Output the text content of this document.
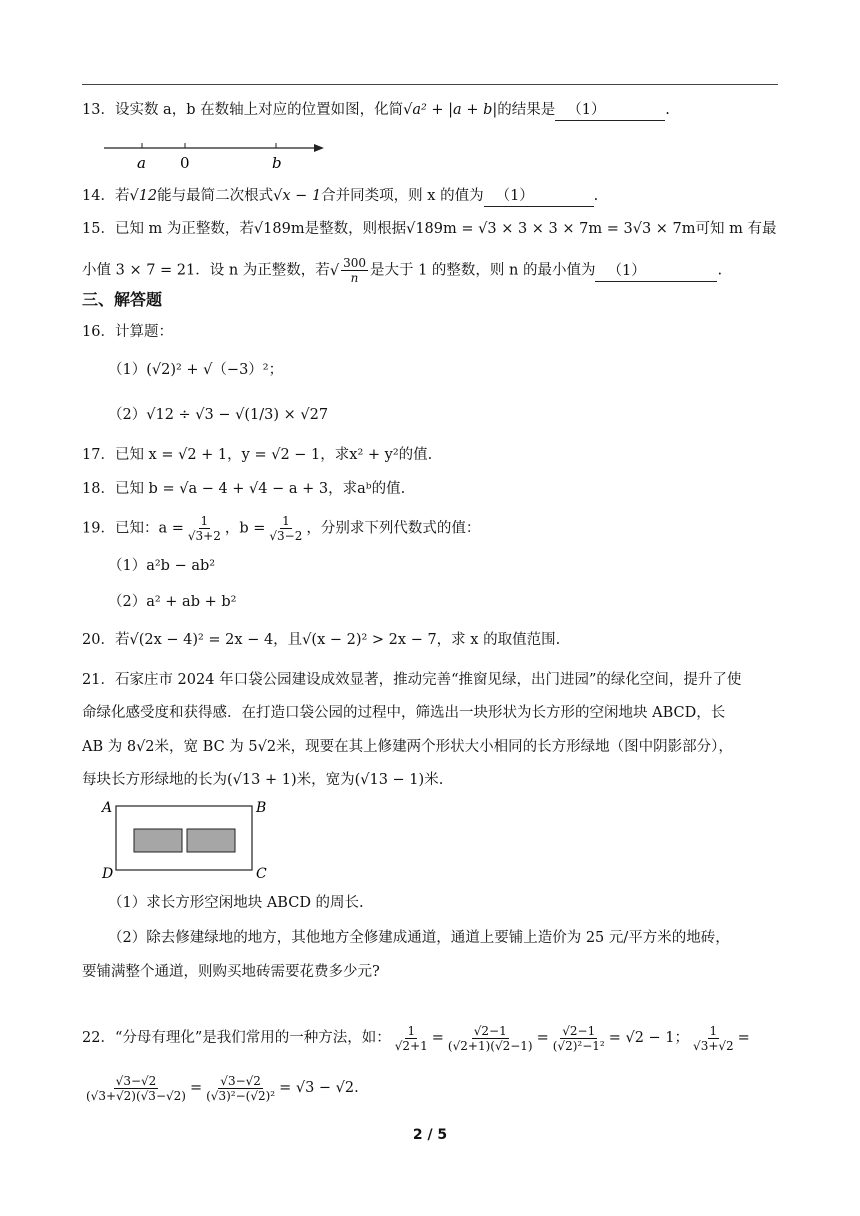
13．设实数 a，b 在数轴上对应的位置如图，化简√a² + |a + b|的结果是 （1）	.
a 0	b
14．若√12能与最简二次根式√x − 1合并同类项，则 x 的值为 （1）	.
15．已知 m 为正整数，若√189m是整数，则根据√189m = √3 × 3 × 3 × 7m = 3√3 × 7m可知 m 有最
小值 3 × 7 = 21．设 n 为正整数，若√ $\frac{300}{n}$ 是大于 1 的整数，则 n 的最小值为 （1）	.
三、解答题
16．计算题：
（1）(√2)² + √（−3）²；
（2）√12 ÷ √3 − √(1/3) × √27
17．已知 x = √2 + 1，y = √2 − 1，求x² + y²的值.
18．已知 b = √a − 4 + √4 − a + 3，求aᵇ的值.
19．已知：$a = \frac{1}{√3+2}$ ，$b = \frac{1}{√3-2}$ ，分别求下列代数式的值：
（1）a²b − ab²
（2）a² + ab + b²
20．若√(2x − 4)² = 2x − 4，且√(x − 2)² > 2x − 7，求 x 的取值范围.
21．石家庄市 2024 年口袋公园建设成效显著，推动完善“推窗见绿，出门进园”的绿化空间，提升了使
命绿化感受度和获得感．在打造口袋公园的过程中，筛选出一块形状为长方形的空闲地块 ABCD，长
AB 为 8√2米，宽 BC 为 5√2米，现要在其上修建两个形状大小相同的长方形绿地（图中阴影部分），
每块长方形绿地的长为(√13 + 1)米，宽为(√13 − 1)米.
A	B
D	C
（1）求长方形空闲地块 ABCD 的周长.
（2）除去修建绿地的地方，其他地方全修建成通道，通道上要铺上造价为 25 元/平方米的地砖，
要铺满整个通道，则购买地砖需要花费多少元?
22．“分母有理化”是我们常用的一种方法，如： $\frac{1}{√2+1} = \frac{√2-1}{(√2+1)(√2-1)} = \frac{√2-1}{\text{(√2)²−1²}} = √2 - 1$； $\frac{1}{√3+√2}$ =
$\frac{√3-√2}{(√3+√2)(√3-√2)} = \frac{√3-√2}{\text{(√3)²−(√2)²}} = √3 - √2$.
2 / 5
